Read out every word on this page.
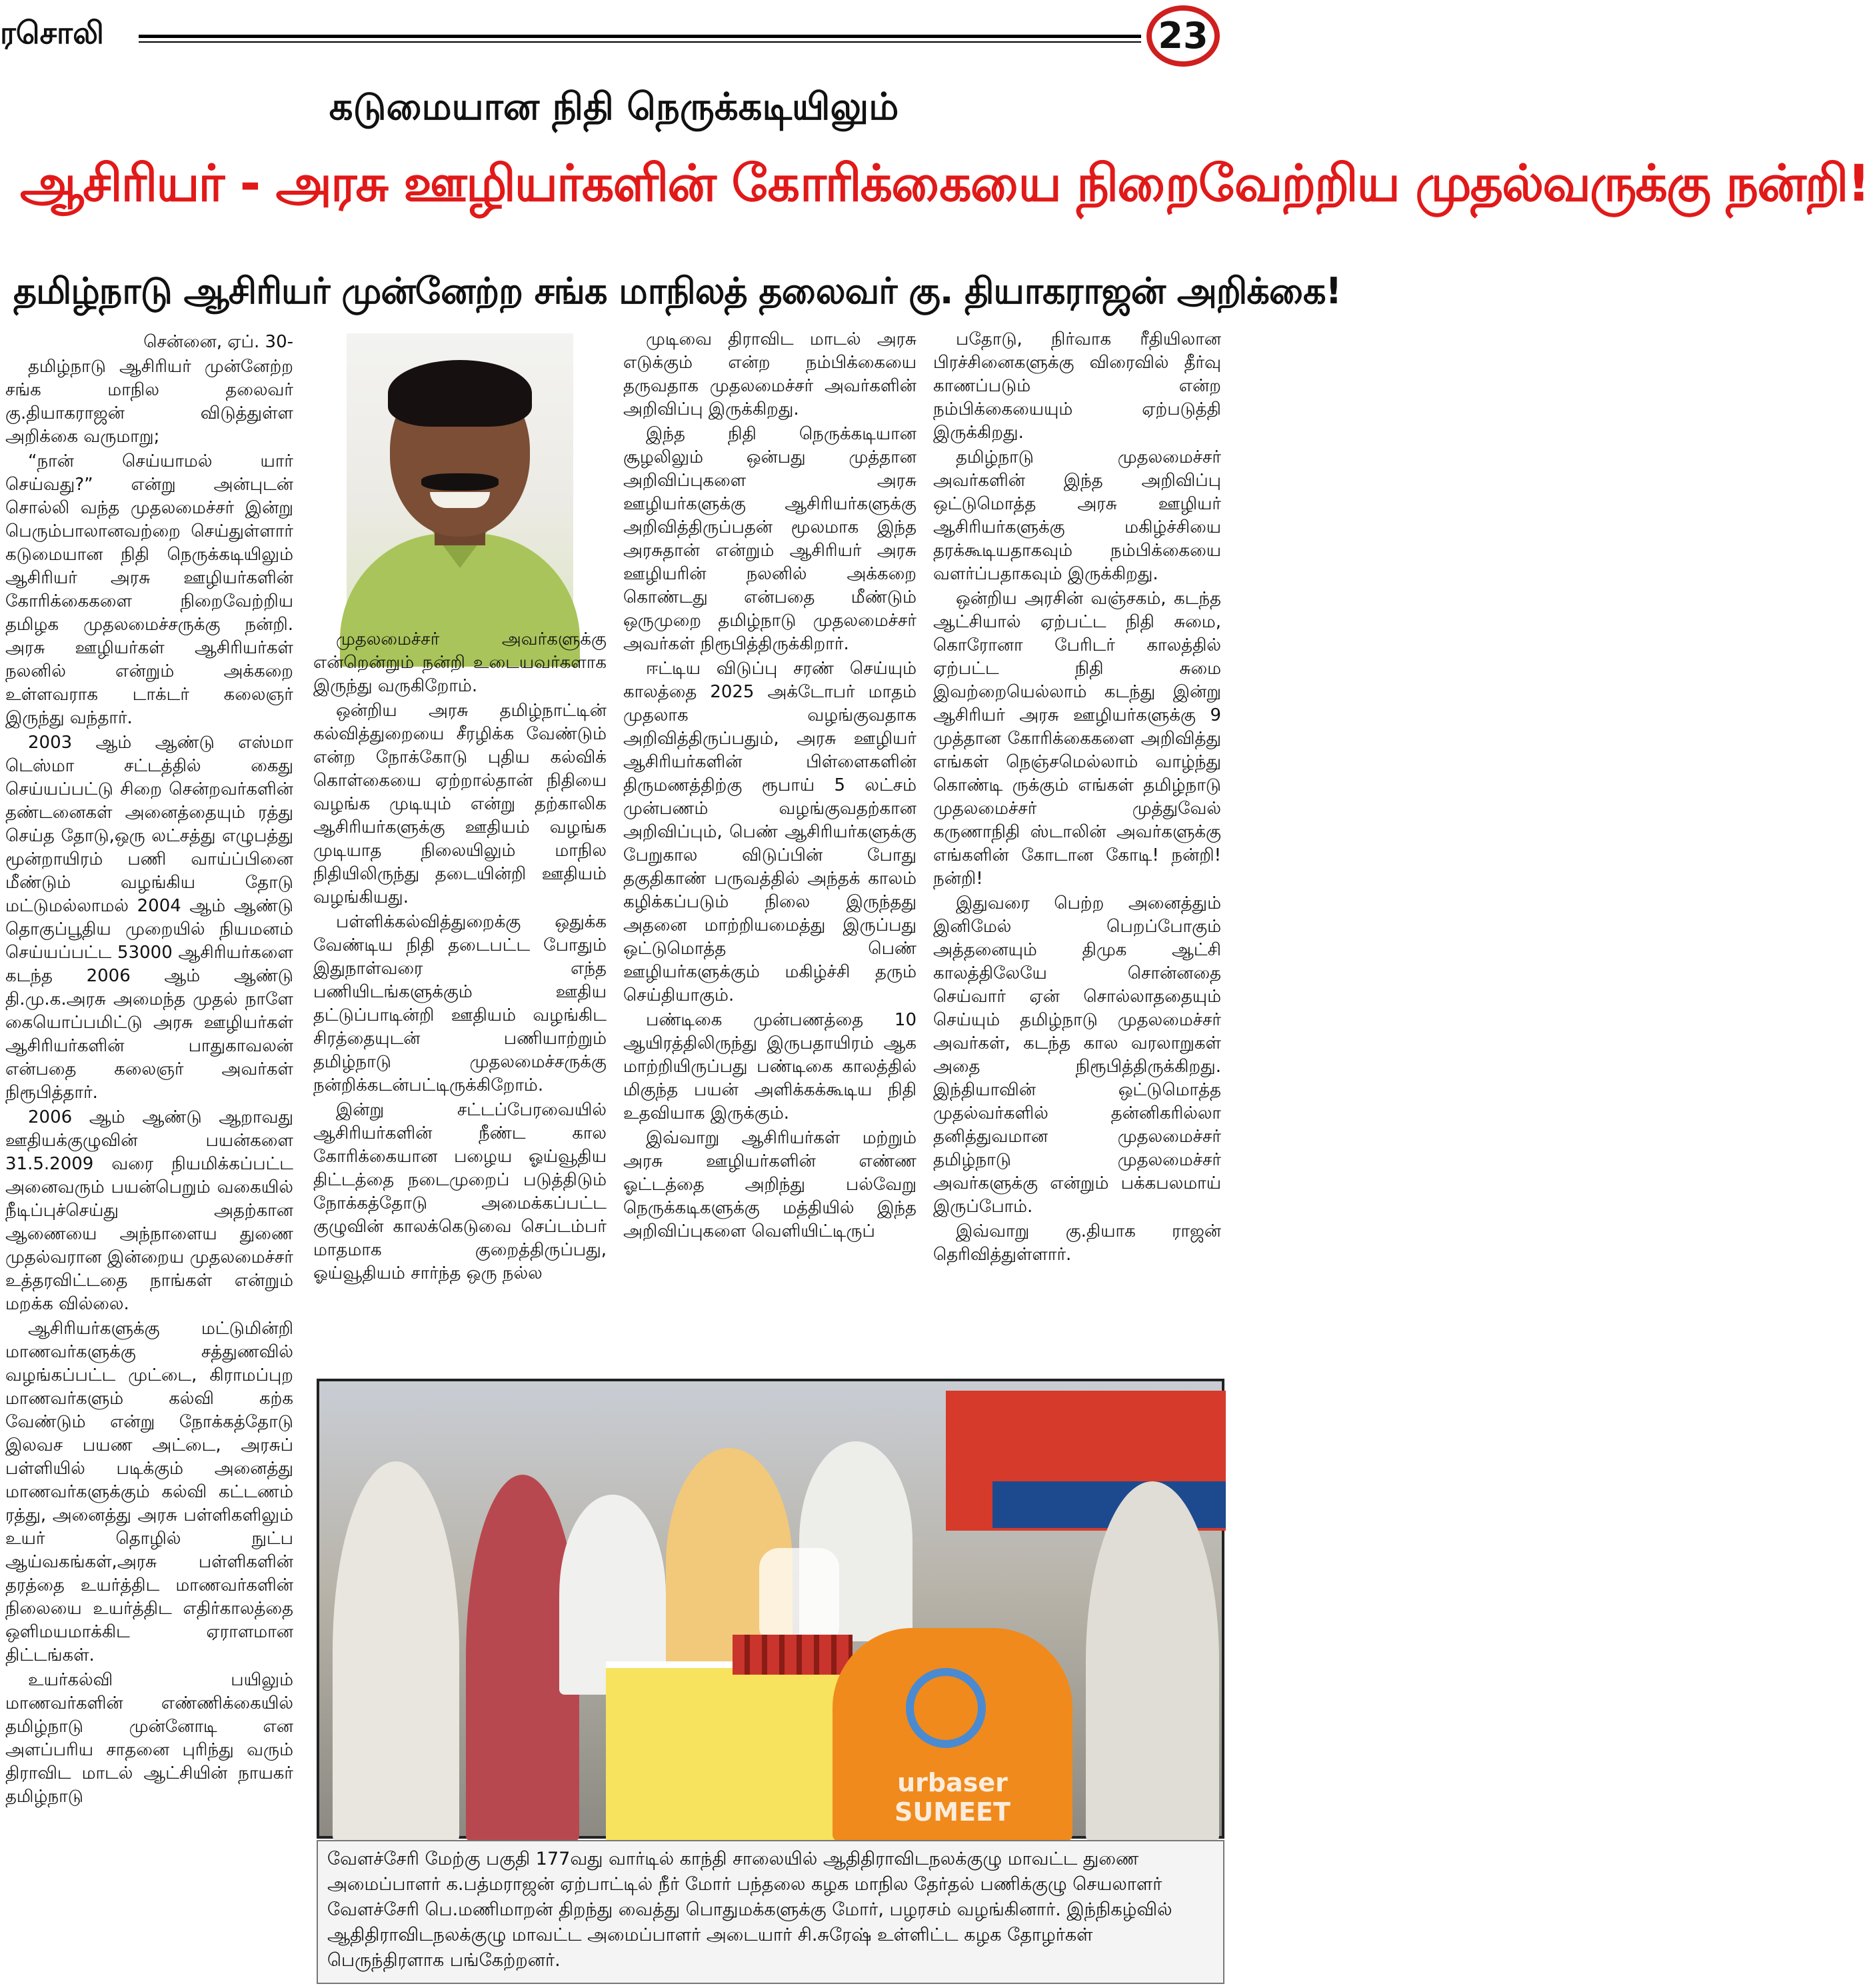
ரசொலி	23
கடுமையான நிதி நெருக்கடியிலும்
ஆசிரியர் - அரசு ஊழியர்களின் கோரிக்கையை நிறைவேற்றிய முதல்வருக்கு நன்றி!
தமிழ்நாடு ஆசிரியர் முன்னேற்ற சங்க மாநிலத் தலைவர் கு. தியாகராஜன் அறிக்கை!

சென்னை, ஏப். 30-

தமிழ்நாடு ஆசிரியர் முன்னேற்ற சங்க மாநில தலைவர் கு.தியாகராஜன் விடுத்துள்ள அறிக்கை வருமாறு;

“நான் செய்யாமல் யார் செய்வது?” என்று அன்புடன் சொல்லி வந்த முதலமைச்சர் இன்று பெரும்பாலானவற்றை செய்துள்ளார் கடுமையான நிதி நெருக்கடியிலும் ஆசிரியர் அரசு ஊழியர்களின் கோரிக்கைகளை நிறைவேற்றிய தமிழக முதலமைச்சருக்கு நன்றி. அரசு ஊழியர்கள் ஆசிரியர்கள் நலனில் என்றும் அக்கறை உள்ளவராக டாக்டர் கலைஞர் இருந்து வந்தார்.

2003 ஆம் ஆண்டு எஸ்மா டெஸ்மா சட்டத்தில் கைது செய்யப்பட்டு சிறை சென்றவர்களின் தண்டனைகள் அனைத்தையும் ரத்து செய்த தோடு,ஒரு லட்சத்து எழுபத்து மூன்றாயிரம் பணி வாய்ப்பினை மீண்டும் வழங்கிய தோடு மட்டுமல்லாமல் 2004 ஆம் ஆண்டு தொகுப்பூதிய முறையில் நியமனம் செய்யப்பட்ட 53000 ஆசிரியர்களை கடந்த 2006 ஆம் ஆண்டு தி.மு.க.அரசு அமைந்த முதல் நாளே கையொப்பமிட்டு அரசு ஊழியர்கள் ஆசிரியர்களின் பாதுகாவலன் என்பதை கலைஞர் அவர்கள் நிரூபித்தார்.

2006 ஆம் ஆண்டு ஆறாவது ஊதியக்குழுவின் பயன்களை 31.5.2009 வரை நியமிக்கப்பட்ட அனைவரும் பயன்பெறும் வகையில் நீடிப்புச்செய்து அதற்கான ஆணையை அந்நாளைய துணை முதல்வரான இன்றைய முதலமைச்சர் உத்தரவிட்டதை நாங்கள் என்றும் மறக்க வில்லை.

ஆசிரியர்களுக்கு மட்டுமின்றி மாணவர்களுக்கு சத்துணவில் வழங்கப்பட்ட முட்டை, கிராமப்புற மாணவர்களும் கல்வி கற்க வேண்டும் என்று நோக்கத்தோடு இலவச பயண அட்டை, அரசுப் பள்ளியில் படிக்கும் அனைத்து மாணவர்களுக்கும் கல்வி கட்டணம் ரத்து, அனைத்து அரசு பள்ளிகளிலும் உயர் தொழில் நுட்ப ஆய்வகங்கள்,அரசு பள்ளிகளின் தரத்தை உயர்த்திட மாணவர்களின் நிலையை உயர்த்திட எதிர்காலத்தை ஒளிமயமாக்கிட ஏராளமான திட்டங்கள்.

உயர்கல்வி பயிலும் மாணவர்களின் எண்ணிக்கையில் தமிழ்நாடு முன்னோடி என அளப்பரிய சாதனை புரிந்து வரும் திராவிட மாடல் ஆட்சியின் நாயகர் தமிழ்நாடு

முதலமைச்சர் அவர்களுக்கு என்றென்றும் நன்றி உடையவர்களாக இருந்து வருகிறோம்.

ஒன்றிய அரசு தமிழ்நாட்டின் கல்வித்துறையை சீரழிக்க வேண்டும் என்ற நோக்கோடு புதிய கல்விக் கொள்கையை ஏற்றால்தான் நிதியை வழங்க முடியும் என்று தற்காலிக ஆசிரியர்களுக்கு ஊதியம் வழங்க முடியாத நிலையிலும் மாநில நிதியிலிருந்து தடையின்றி ஊதியம் வழங்கியது.

பள்ளிக்கல்வித்துறைக்கு ஒதுக்க வேண்டிய நிதி தடைபட்ட போதும் இதுநாள்வரை எந்த பணியிடங்களுக்கும் ஊதிய தட்டுப்பாடின்றி ஊதியம் வழங்கிட சிரத்தையுடன் பணியாற்றும் தமிழ்நாடு முதலமைச்சருக்கு நன்றிக்கடன்பட்டிருக்கிறோம்.

இன்று சட்டப்பேரவையில் ஆசிரியர்களின் நீண்ட கால கோரிக்கையான பழைய ஓய்வூதிய திட்டத்தை நடைமுறைப் படுத்திடும் நோக்கத்தோடு அமைக்கப்பட்ட குழுவின் காலக்கெடுவை செப்டம்பர் மாதமாக குறைத்திருப்பது, ஓய்வூதியம் சார்ந்த ஒரு நல்ல

முடிவை திராவிட மாடல் அரசு எடுக்கும் என்ற நம்பிக்கையை தருவதாக முதலமைச்சர் அவர்களின் அறிவிப்பு இருக்கிறது.

இந்த நிதி நெருக்கடியான சூழலிலும் ஒன்பது முத்தான அறிவிப்புகளை அரசு ஊழியர்களுக்கு ஆசிரியர்களுக்கு அறிவித்திருப்பதன் மூலமாக இந்த அரசுதான் என்றும் ஆசிரியர் அரசு ஊழியரின் நலனில் அக்கறை கொண்டது என்பதை மீண்டும் ஒருமுறை தமிழ்நாடு முதலமைச்சர் அவர்கள் நிரூபித்திருக்கிறார்.

ஈட்டிய விடுப்பு சரண் செய்யும் காலத்தை 2025 அக்டோபர் மாதம் முதலாக வழங்குவதாக அறிவித்திருப்பதும், அரசு ஊழியர் ஆசிரியர்களின் பிள்ளைகளின் திருமணத்திற்கு ரூபாய் 5 லட்சம் முன்பணம் வழங்குவதற்கான அறிவிப்பும், பெண் ஆசிரியர்களுக்கு பேறுகால விடுப்பின் போது தகுதிகாண் பருவத்தில் அந்தக் காலம் கழிக்கப்படும் நிலை இருந்தது அதனை மாற்றியமைத்து இருப்பது ஒட்டுமொத்த பெண் ஊழியர்களுக்கும் மகிழ்ச்சி தரும் செய்தியாகும்.

பண்டிகை முன்பணத்தை 10 ஆயிரத்திலிருந்து இருபதாயிரம் ஆக மாற்றியிருப்பது பண்டிகை காலத்தில் மிகுந்த பயன் அளிக்கக்கூடிய நிதி உதவியாக இருக்கும்.

இவ்வாறு ஆசிரியர்கள் மற்றும் அரசு ஊழியர்களின் எண்ண ஓட்டத்தை அறிந்து பல்வேறு நெருக்கடிகளுக்கு மத்தியில் இந்த அறிவிப்புகளை வெளியிட்டிருப்

பதோடு, நிர்வாக ரீதியிலான பிரச்சினைகளுக்கு விரைவில் தீர்வு காணப்படும் என்ற நம்பிக்கையையும் ஏற்படுத்தி இருக்கிறது.

தமிழ்நாடு முதலமைச்சர் அவர்களின் இந்த அறிவிப்பு ஒட்டுமொத்த அரசு ஊழியர் ஆசிரியர்களுக்கு மகிழ்ச்சியை தரக்கூடியதாகவும் நம்பிக்கையை வளர்ப்பதாகவும் இருக்கிறது.

ஒன்றிய அரசின் வஞ்சகம், கடந்த ஆட்சியால் ஏற்பட்ட நிதி சுமை, கொரோனா பேரிடர் காலத்தில் ஏற்பட்ட நிதி சுமை இவற்றையெல்லாம் கடந்து இன்று ஆசிரியர் அரசு ஊழியர்களுக்கு 9 முத்தான கோரிக்கைகளை அறிவித்து எங்கள் நெஞ்சமெல்லாம் வாழ்ந்து கொண்டி ருக்கும் எங்கள் தமிழ்நாடு முதலமைச்சர் முத்துவேல் கருணாநிதி ஸ்டாலின் அவர்களுக்கு எங்களின் கோடான கோடி! நன்றி! நன்றி!

இதுவரை பெற்ற அனைத்தும் இனிமேல் பெறப்போகும் அத்தனையும் திமுக ஆட்சி காலத்திலேயே சொன்னதை செய்வார் ஏன் சொல்லாததையும் செய்யும் தமிழ்நாடு முதலமைச்சர் அவர்கள், கடந்த கால வரலாறுகள் அதை நிரூபித்திருக்கிறது. இந்தியாவின் ஒட்டுமொத்த முதல்வர்களில் தன்னிகரில்லா தனித்துவமான முதலமைச்சர் தமிழ்நாடு முதலமைச்சர் அவர்களுக்கு என்றும் பக்கபலமாய் இருப்போம்.

இவ்வாறு கு.தியாக ராஜன் தெரிவித்துள்ளார்.

urbaser SUMEET
வேளச்சேரி மேற்கு பகுதி 177வது வார்டில் காந்தி சாலையில் ஆதிதிராவிடநலக்குழு மாவட்ட துணை அமைப்பாளர் க.பத்மராஜன் ஏற்பாட்டில் நீர் மோர் பந்தலை கழக மாநில தேர்தல் பணிக்குழு செயலாளர் வேளச்சேரி பெ.மணிமாறன் திறந்து வைத்து பொதுமக்களுக்கு மோர், பழரசம் வழங்கினார். இந்நிகழ்வில் ஆதிதிராவிடநலக்குழு மாவட்ட அமைப்பாளர் அடையார் சி.சுரேஷ் உள்ளிட்ட கழக தோழர்கள் பெருந்திரளாக பங்கேற்றனர்.
